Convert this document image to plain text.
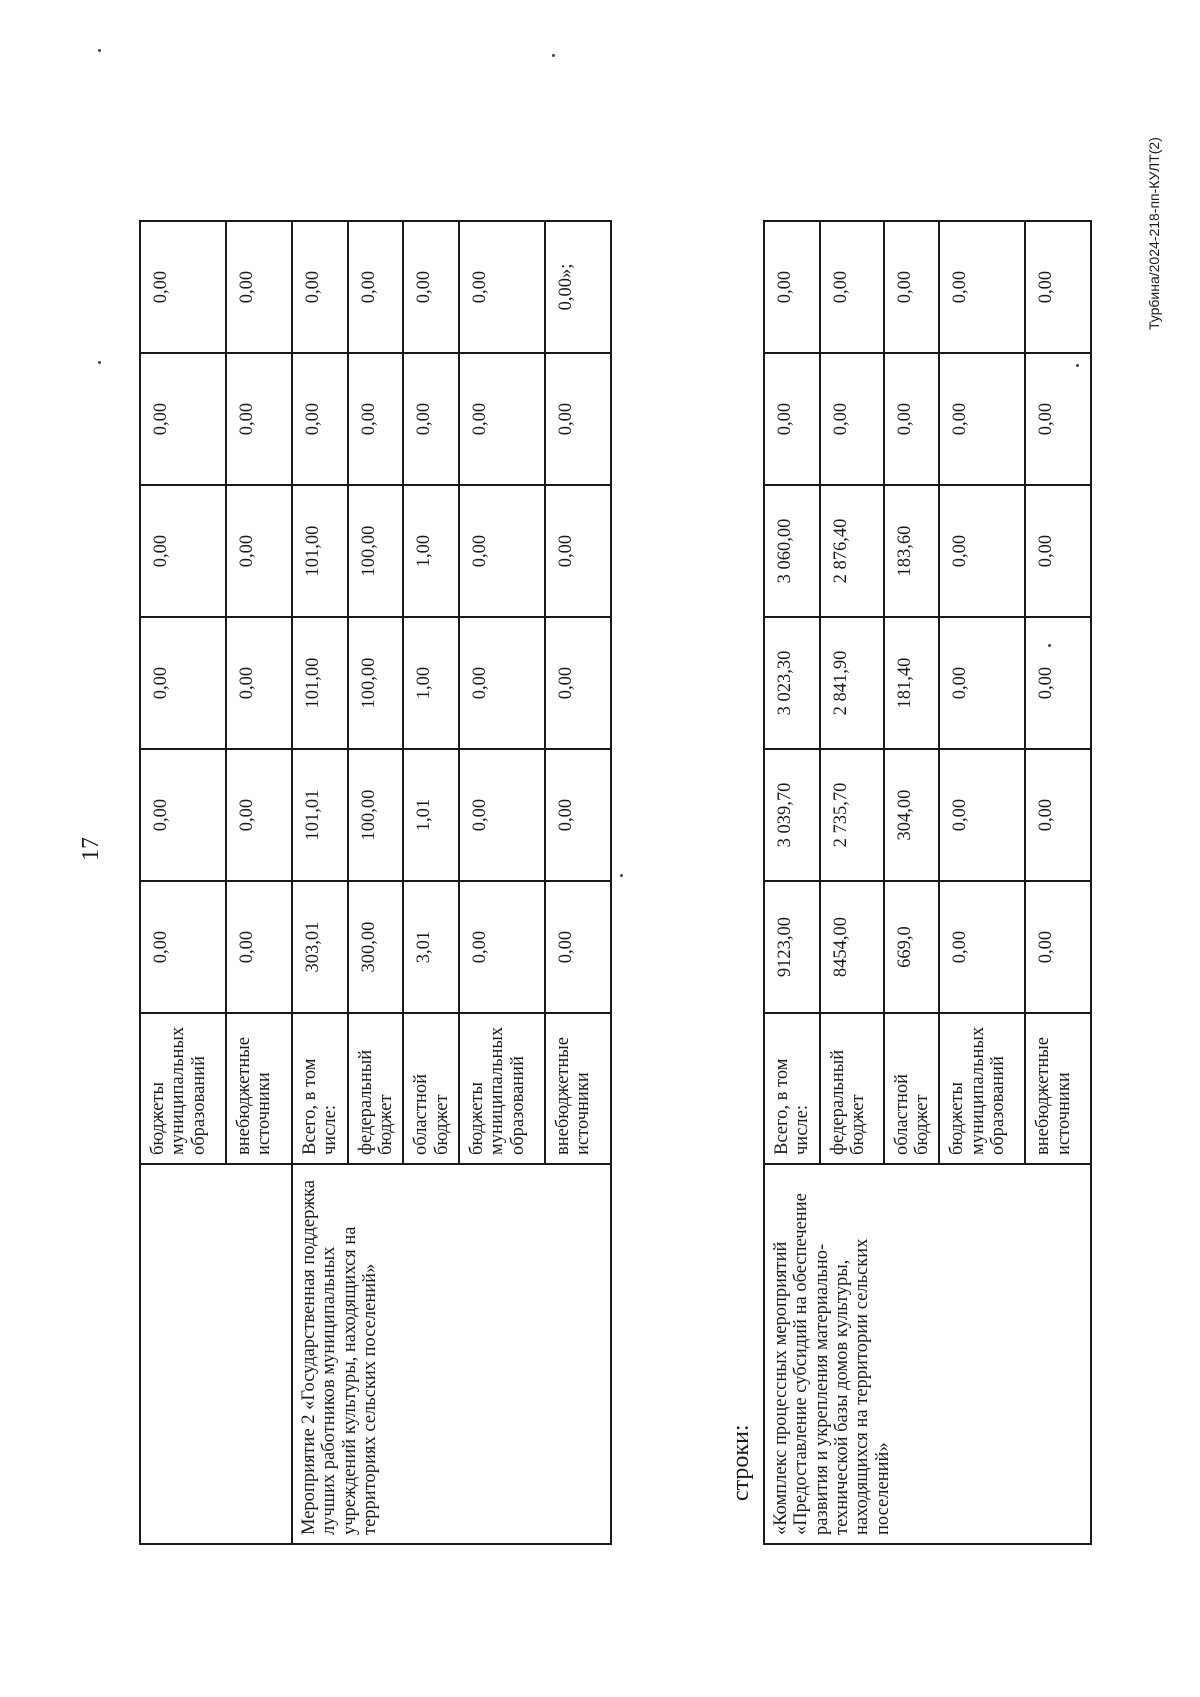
17
	бюджеты муниципальных образований	0,00	0,00	0,00	0,00	0,00	0,00
	внебюджетные источники	0,00	0,00	0,00	0,00	0,00	0,00
Мероприятие 2 «Государственная поддержка лучших работников муниципальных учреждений культуры, находящихся на территориях сельских поселений»	Всего, в том числе:	303,01	101,01	101,00	101,00	0,00	0,00
	федеральный бюджет	300,00	100,00	100,00	100,00	0,00	0,00
	областной бюджет	3,01	1,01	1,00	1,00	0,00	0,00
	бюджеты муниципальных образований	0,00	0,00	0,00	0,00	0,00	0,00
	внебюджетные источники	0,00	0,00	0,00	0,00	0,00	0,00»;
строки: «Комплекс процессных мероприятий «Предоставление субсидий на обеспечение развития и укрепления материально-технической базы домов культуры, находящихся на территории сельских поселений»	Всего, в том числе:	9123,00	3 039,70	3 023,30	3 060,00	0,00	0,00
	федеральный бюджет	8454,00	2 735,70	2 841,90	2 876,40	0,00	0,00
	областной бюджет	669,0	304,00	181,40	183,60	0,00	0,00
	бюджеты муниципальных образований	0,00	0,00	0,00	0,00	0,00	0,00
	внебюджетные источники	0,00	0,00	0,00	0,00	0,00	0,00	Турбина/2024-218-пп-КУЛТ(2)
